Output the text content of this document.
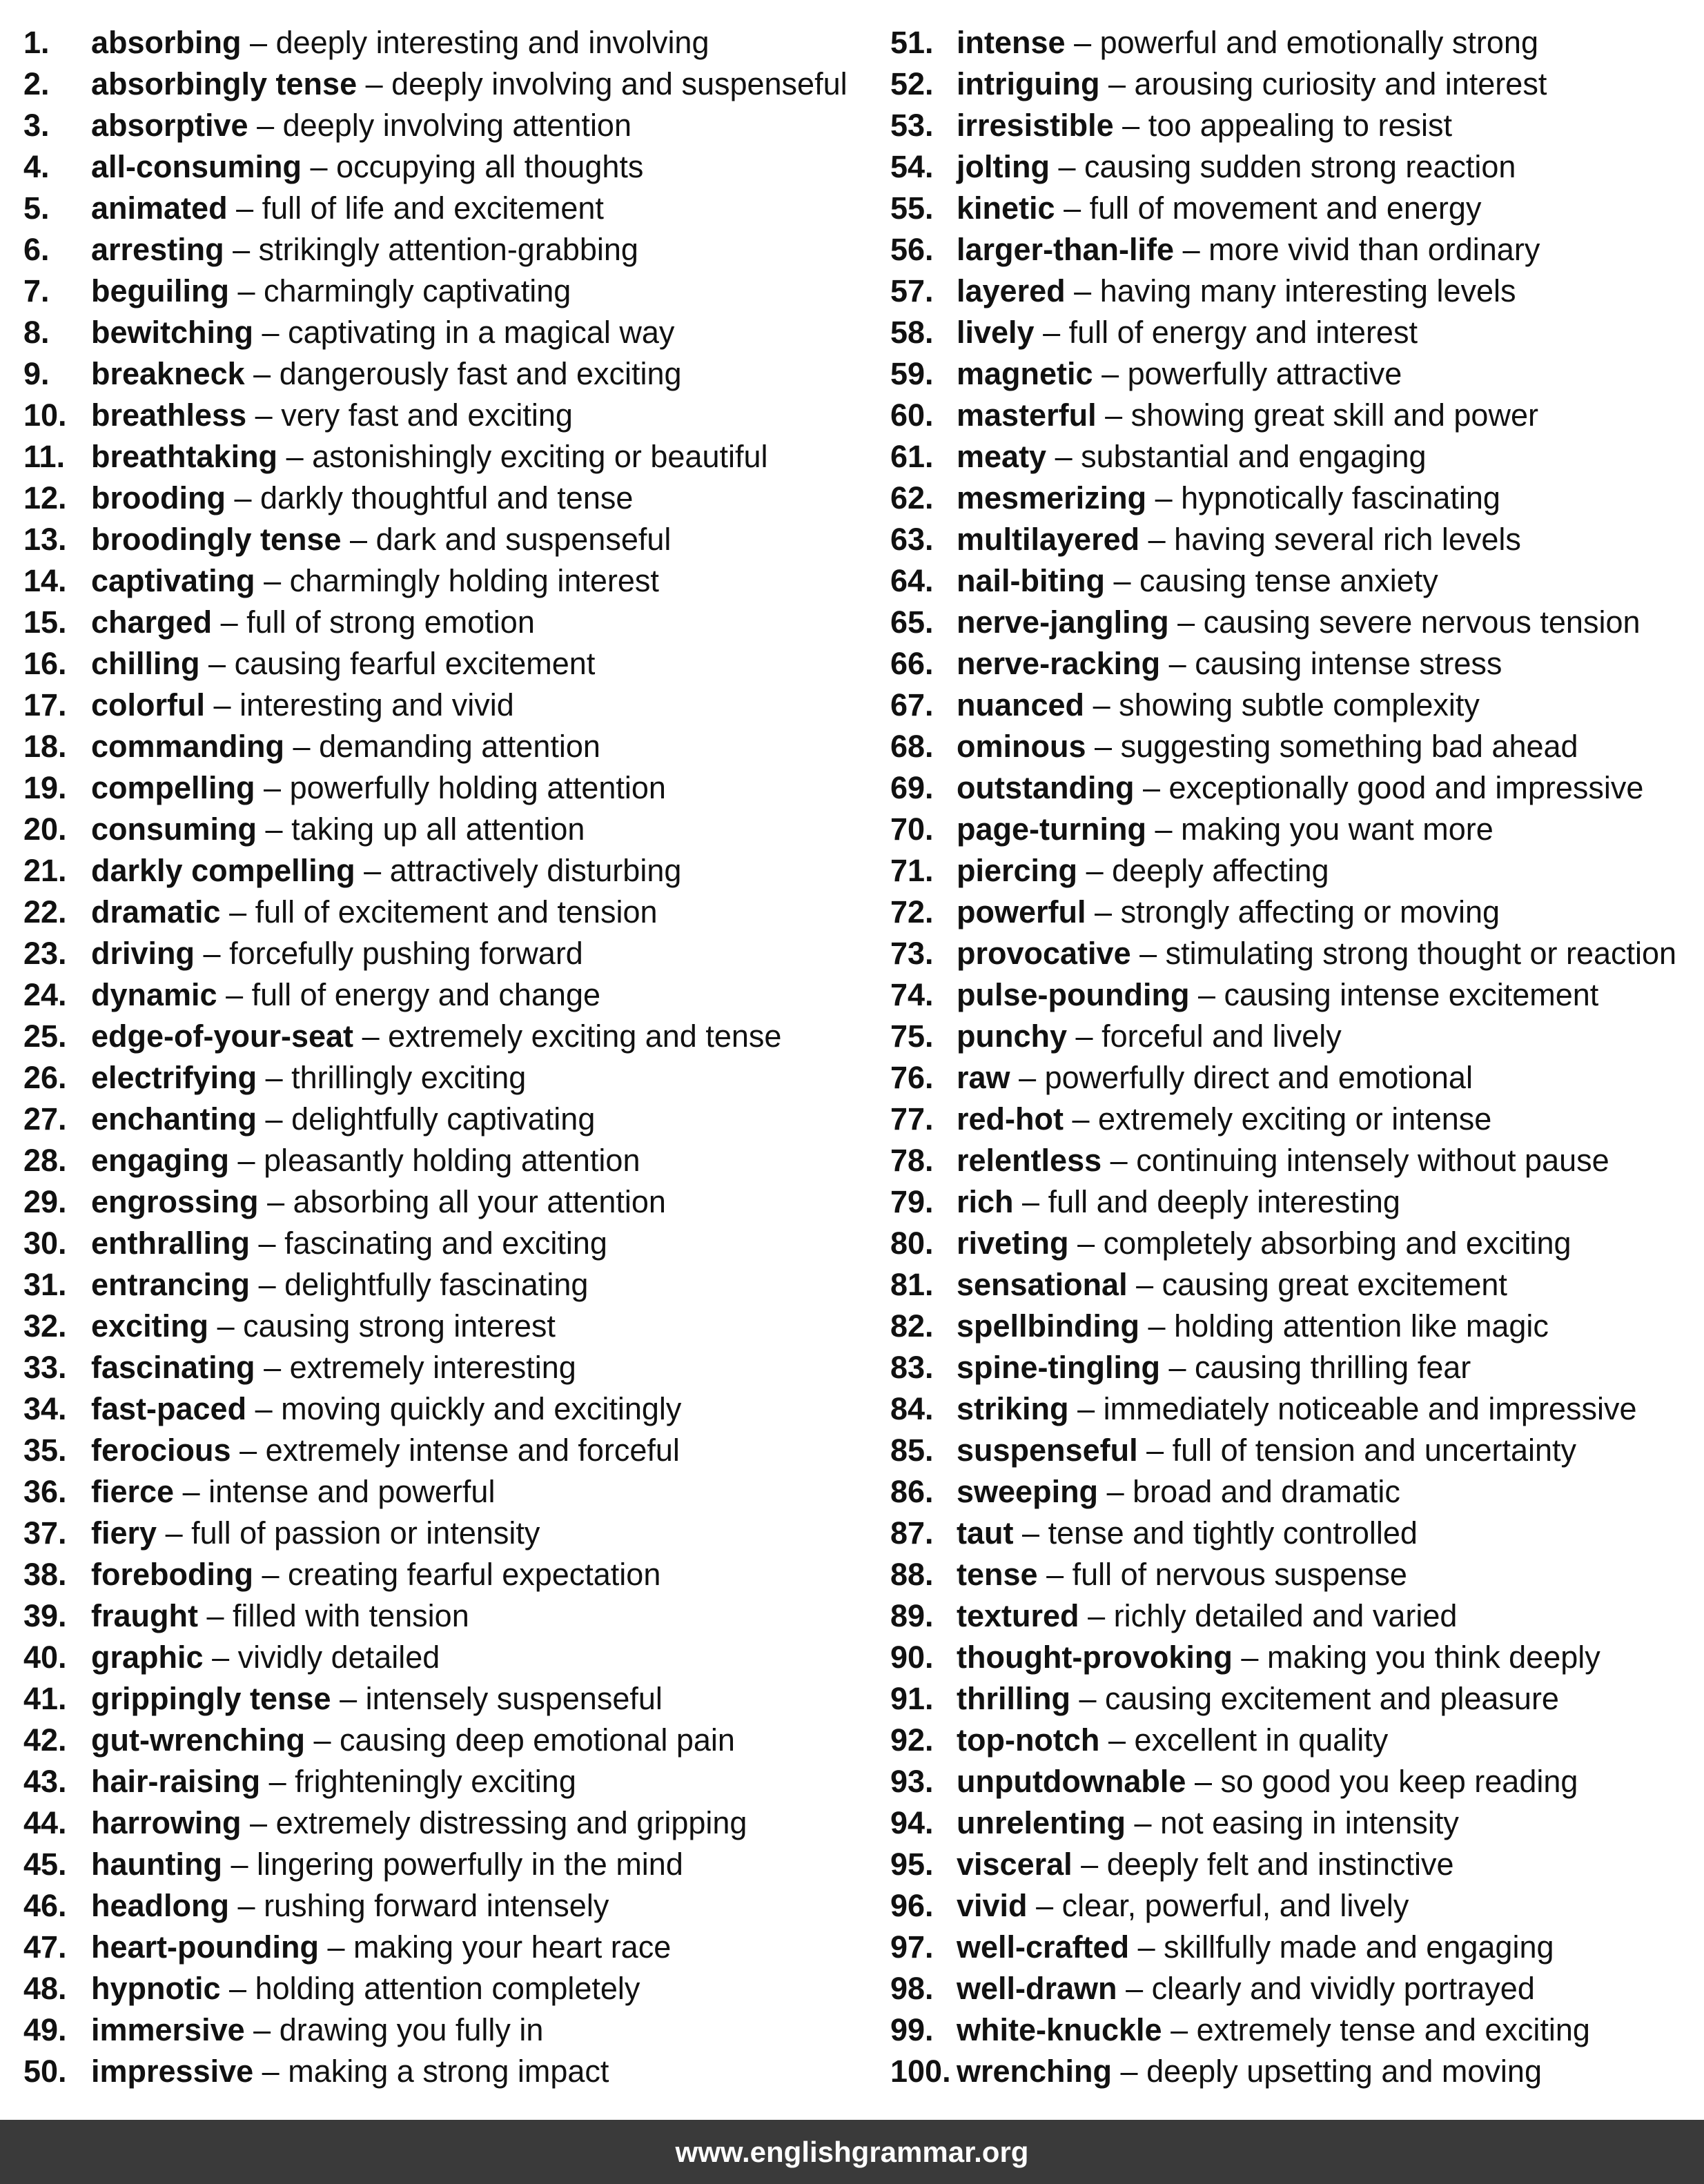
1. absorbing – deeply interesting and involving
2. absorbingly tense – deeply involving and suspenseful
3. absorptive – deeply involving attention
4. all-consuming – occupying all thoughts
5. animated – full of life and excitement
6. arresting – strikingly attention-grabbing
7. beguiling – charmingly captivating
8. bewitching – captivating in a magical way
9. breakneck – dangerously fast and exciting
10. breathless – very fast and exciting
11. breathtaking – astonishingly exciting or beautiful
12. brooding – darkly thoughtful and tense
13. broodingly tense – dark and suspenseful
14. captivating – charmingly holding interest
15. charged – full of strong emotion
16. chilling – causing fearful excitement
17. colorful – interesting and vivid
18. commanding – demanding attention
19. compelling – powerfully holding attention
20. consuming – taking up all attention
21. darkly compelling – attractively disturbing
22. dramatic – full of excitement and tension
23. driving – forcefully pushing forward
24. dynamic – full of energy and change
25. edge-of-your-seat – extremely exciting and tense
26. electrifying – thrillingly exciting
27. enchanting – delightfully captivating
28. engaging – pleasantly holding attention
29. engrossing – absorbing all your attention
30. enthralling – fascinating and exciting
31. entrancing – delightfully fascinating
32. exciting – causing strong interest
33. fascinating – extremely interesting
34. fast-paced – moving quickly and excitingly
35. ferocious – extremely intense and forceful
36. fierce – intense and powerful
37. fiery – full of passion or intensity
38. foreboding – creating fearful expectation
39. fraught – filled with tension
40. graphic – vividly detailed
41. grippingly tense – intensely suspenseful
42. gut-wrenching – causing deep emotional pain
43. hair-raising – frighteningly exciting
44. harrowing – extremely distressing and gripping
45. haunting – lingering powerfully in the mind
46. headlong – rushing forward intensely
47. heart-pounding – making your heart race
48. hypnotic – holding attention completely
49. immersive – drawing you fully in
50. impressive – making a strong impact
51. intense – powerful and emotionally strong
52. intriguing – arousing curiosity and interest
53. irresistible – too appealing to resist
54. jolting – causing sudden strong reaction
55. kinetic – full of movement and energy
56. larger-than-life – more vivid than ordinary
57. layered – having many interesting levels
58. lively – full of energy and interest
59. magnetic – powerfully attractive
60. masterful – showing great skill and power
61. meaty – substantial and engaging
62. mesmerizing – hypnotically fascinating
63. multilayered – having several rich levels
64. nail-biting – causing tense anxiety
65. nerve-jangling – causing severe nervous tension
66. nerve-racking – causing intense stress
67. nuanced – showing subtle complexity
68. ominous – suggesting something bad ahead
69. outstanding – exceptionally good and impressive
70. page-turning – making you want more
71. piercing – deeply affecting
72. powerful – strongly affecting or moving
73. provocative – stimulating strong thought or reaction
74. pulse-pounding – causing intense excitement
75. punchy – forceful and lively
76. raw – powerfully direct and emotional
77. red-hot – extremely exciting or intense
78. relentless – continuing intensely without pause
79. rich – full and deeply interesting
80. riveting – completely absorbing and exciting
81. sensational – causing great excitement
82. spellbinding – holding attention like magic
83. spine-tingling – causing thrilling fear
84. striking – immediately noticeable and impressive
85. suspenseful – full of tension and uncertainty
86. sweeping – broad and dramatic
87. taut – tense and tightly controlled
88. tense – full of nervous suspense
89. textured – richly detailed and varied
90. thought-provoking – making you think deeply
91. thrilling – causing excitement and pleasure
92. top-notch – excellent in quality
93. unputdownable – so good you keep reading
94. unrelenting – not easing in intensity
95. visceral – deeply felt and instinctive
96. vivid – clear, powerful, and lively
97. well-crafted – skillfully made and engaging
98. well-drawn – clearly and vividly portrayed
99. white-knuckle – extremely tense and exciting
100. wrenching – deeply upsetting and moving
www.englishgrammar.org
